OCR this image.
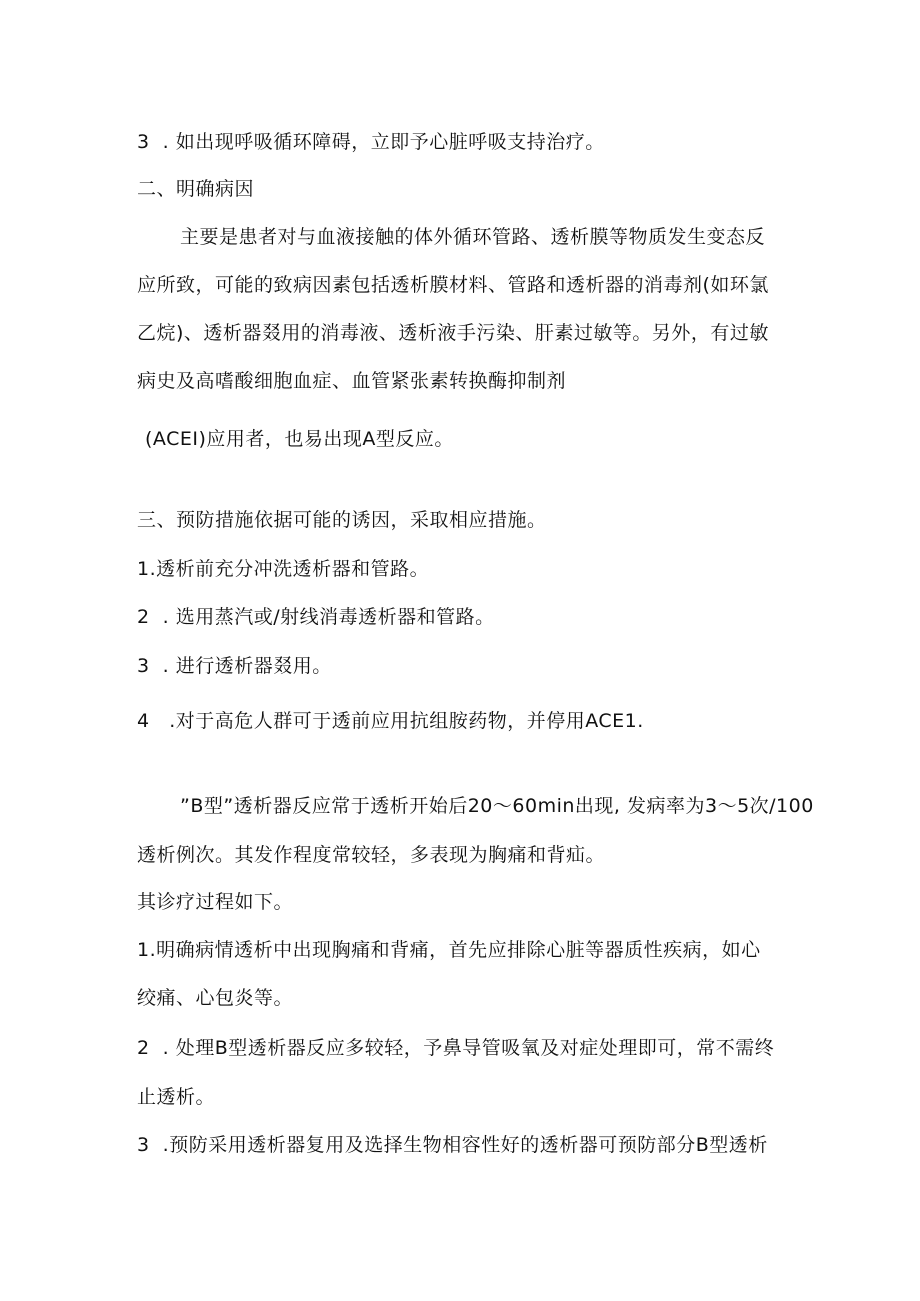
3  . 如出现呼吸循环障碍，立即予心脏呼吸支持治疗。
二、明确病因
主要是患者对与血液接触的体外循环管路、透析膜等物质发生变态反
应所致，可能的致病因素包括透析膜材料、管路和透析器的消毒剂(如环氯
乙烷)、透析器叕用的消毒液、透析液手污染、肝素过敏等。另外，有过敏
病史及高嗜酸细胞血症、血管紧张素转换酶抑制剂
(ACEI)应用者，也易出现A型反应。
三、预防措施依据可能的诱因，采取相应措施。
1.透析前充分冲洗透析器和管路。
2  . 选用蒸汽或/射线消毒透析器和管路。
3  . 进行透析器叕用。
4   .对于高危人群可于透前应用抗组胺药物，并停用ACE1.
”B型”透析器反应常于透析开始后20～60min出现, 发病率为3～5次/100
透析例次。其发作程度常较轻，多表现为胸痛和背疝。
其诊疗过程如下。
1.明确病情透析中出现胸痛和背痛，首先应排除心脏等器质性疾病，如心
绞痛、心包炎等。
2  . 处理B型透析器反应多较轻，予鼻导管吸氧及对症处理即可，常不需终
止透析。
3  .预防采用透析器复用及选择生物相容性好的透析器可预防部分B型透析
